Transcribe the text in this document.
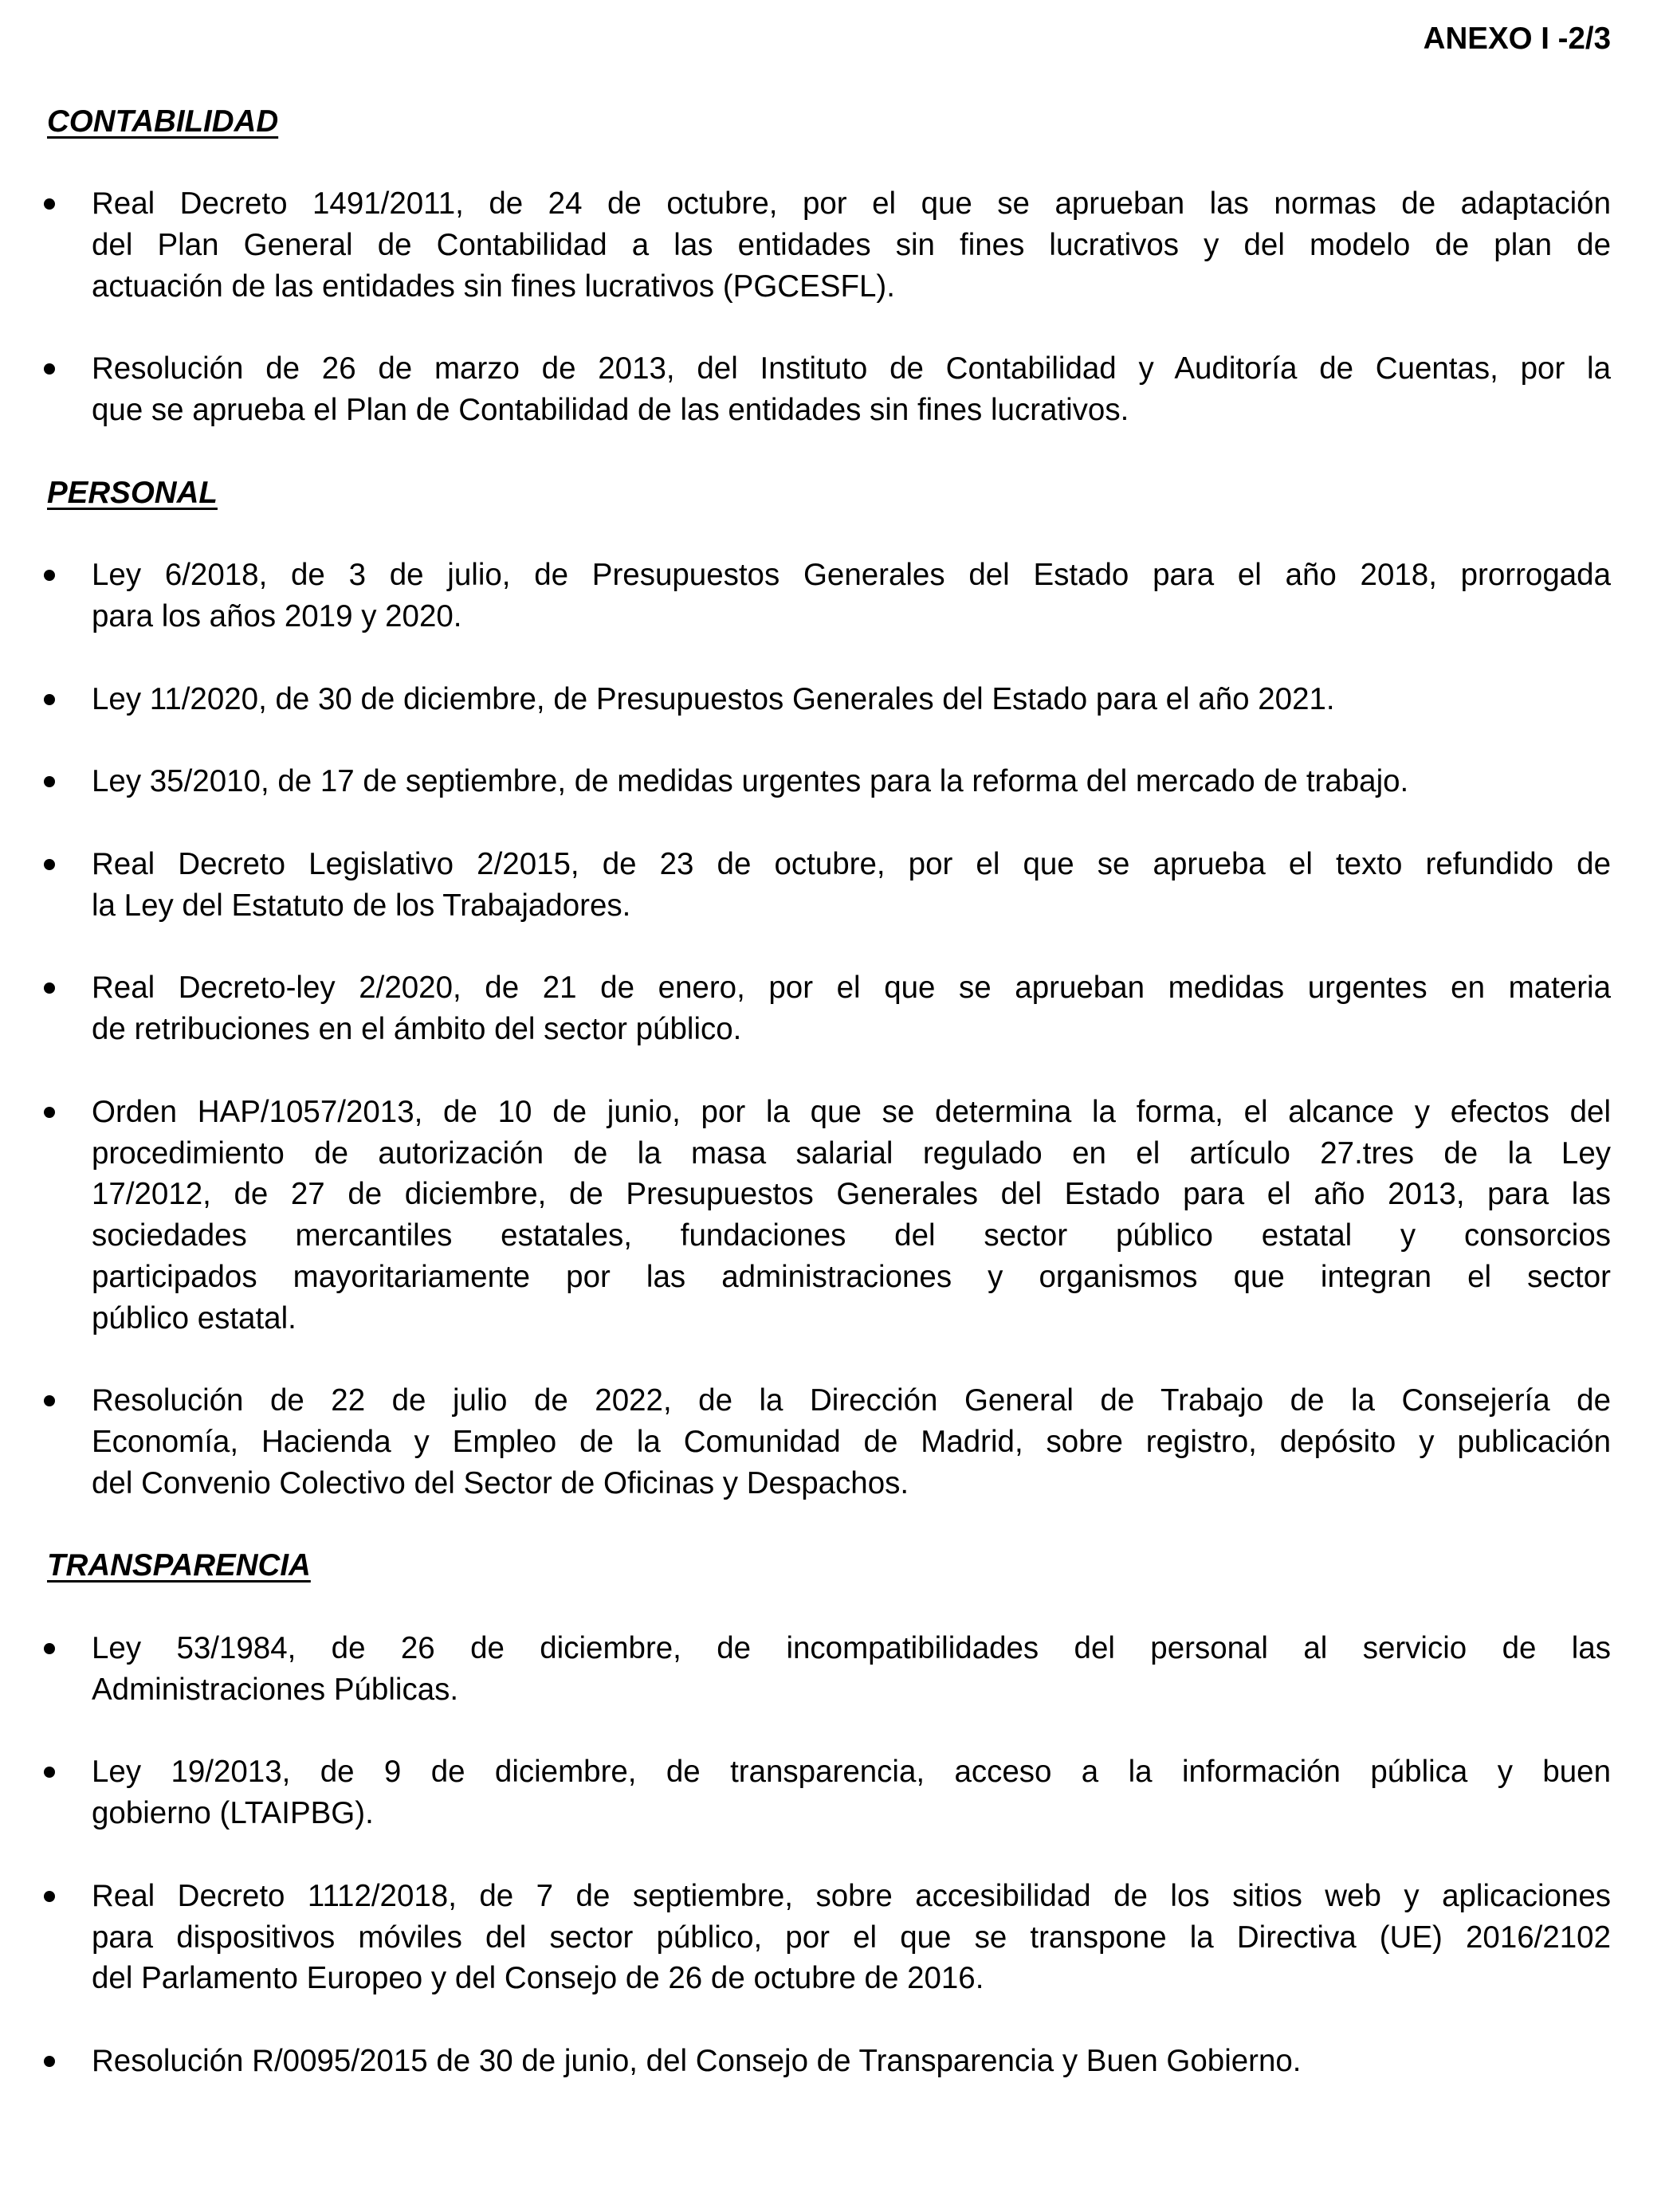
ANEXO I -2/3
CONTABILIDAD
Real Decreto 1491/2011, de 24 de octubre, por el que se aprueban las normas de adaptación
del Plan General de Contabilidad a las entidades sin fines lucrativos y del modelo de plan de
actuación de las entidades sin fines lucrativos (PGCESFL).
Resolución de 26 de marzo de 2013, del Instituto de Contabilidad y Auditoría de Cuentas, por la
que se aprueba el Plan de Contabilidad de las entidades sin fines lucrativos.
PERSONAL
Ley 6/2018, de 3 de julio, de Presupuestos Generales del Estado para el año 2018, prorrogada
para los años 2019 y 2020.
Ley 11/2020, de 30 de diciembre, de Presupuestos Generales del Estado para el año 2021.
Ley 35/2010, de 17 de septiembre, de medidas urgentes para la reforma del mercado de trabajo.
Real Decreto Legislativo 2/2015, de 23 de octubre, por el que se aprueba el texto refundido de
la Ley del Estatuto de los Trabajadores.
Real Decreto-ley 2/2020, de 21 de enero, por el que se aprueban medidas urgentes en materia
de retribuciones en el ámbito del sector público.
Orden HAP/1057/2013, de 10 de junio, por la que se determina la forma, el alcance y efectos del
procedimiento de autorización de la masa salarial regulado en el artículo 27.tres de la Ley
17/2012, de 27 de diciembre, de Presupuestos Generales del Estado para el año 2013, para las
sociedades mercantiles estatales, fundaciones del sector público estatal y consorcios
participados mayoritariamente por las administraciones y organismos que integran el sector
público estatal.
Resolución de 22 de julio de 2022, de la Dirección General de Trabajo de la Consejería de
Economía, Hacienda y Empleo de la Comunidad de Madrid, sobre registro, depósito y publicación
del Convenio Colectivo del Sector de Oficinas y Despachos.
TRANSPARENCIA
Ley 53/1984, de 26 de diciembre, de incompatibilidades del personal al servicio de las
Administraciones Públicas.
Ley 19/2013, de 9 de diciembre, de transparencia, acceso a la información pública y buen
gobierno (LTAIPBG).
Real Decreto 1112/2018, de 7 de septiembre, sobre accesibilidad de los sitios web y aplicaciones
para dispositivos móviles del sector público, por el que se transpone la Directiva (UE) 2016/2102
del Parlamento Europeo y del Consejo de 26 de octubre de 2016.
Resolución R/0095/2015 de 30 de junio, del Consejo de Transparencia y Buen Gobierno.
